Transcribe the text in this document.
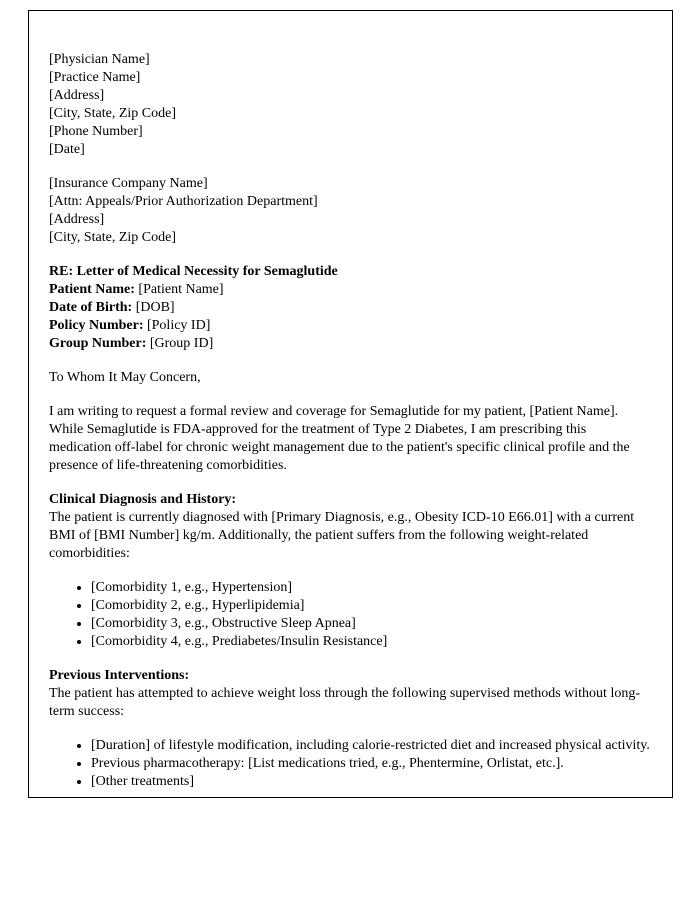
[Physician Name]
[Practice Name]
[Address]
[City, State, Zip Code]
[Phone Number]
[Date]
[Insurance Company Name]
[Attn: Appeals/Prior Authorization Department]
[Address]
[City, State, Zip Code]
RE: Letter of Medical Necessity for Semaglutide
Patient Name: [Patient Name]
Date of Birth: [DOB]
Policy Number: [Policy ID]
Group Number: [Group ID]
To Whom It May Concern,
I am writing to request a formal review and coverage for Semaglutide for my patient, [Patient Name]. While Semaglutide is FDA-approved for the treatment of Type 2 Diabetes, I am prescribing this medication off-label for chronic weight management due to the patient's specific clinical profile and the presence of life-threatening comorbidities.
Clinical Diagnosis and History:
The patient is currently diagnosed with [Primary Diagnosis, e.g., Obesity ICD-10 E66.01] with a current BMI of [BMI Number] kg/m. Additionally, the patient suffers from the following weight-related comorbidities:
• [Comorbidity 1, e.g., Hypertension]
• [Comorbidity 2, e.g., Hyperlipidemia]
• [Comorbidity 3, e.g., Obstructive Sleep Apnea]
• [Comorbidity 4, e.g., Prediabetes/Insulin Resistance]
Previous Interventions:
The patient has attempted to achieve weight loss through the following supervised methods without long-term success:
• [Duration] of lifestyle modification, including calorie-restricted diet and increased physical activity.
• Previous pharmacotherapy: [List medications tried, e.g., Phentermine, Orlistat, etc.].
• [Other treatments]
